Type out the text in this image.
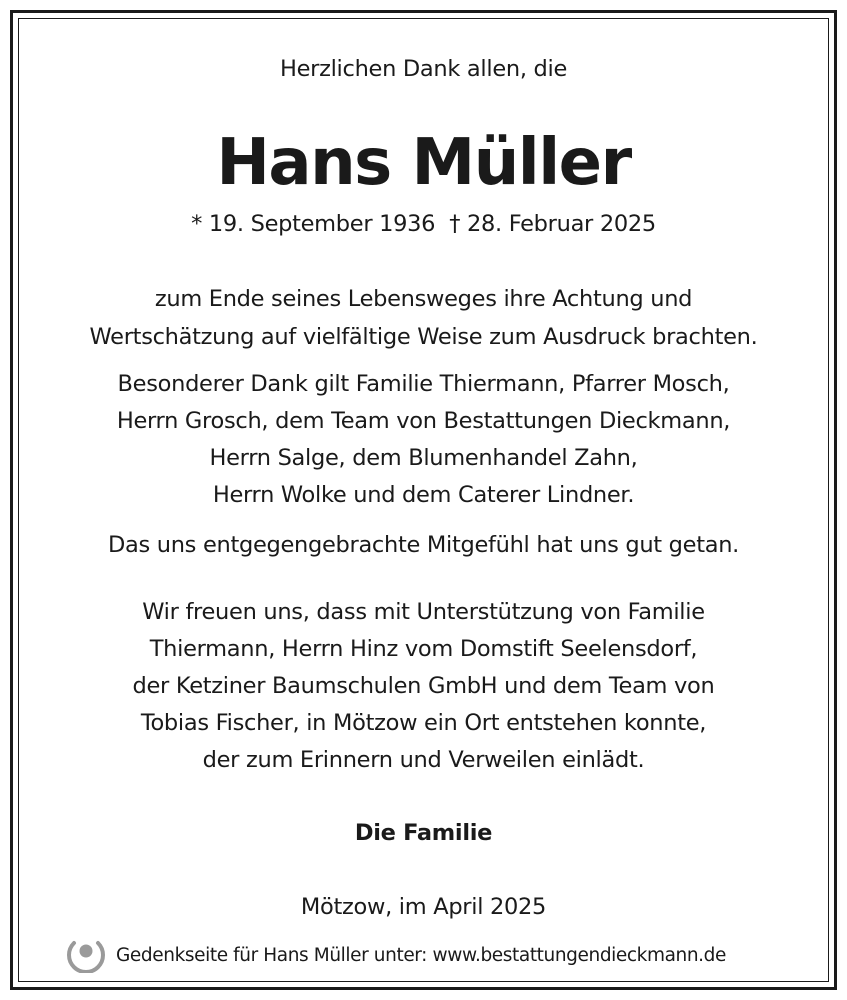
Herzlichen Dank allen, die
Hans Müller
* 19. September 1936 † 28. Februar 2025
zum Ende seines Lebensweges ihre Achtung und
Wertschätzung auf vielfältige Weise zum Ausdruck brachten.
Besonderer Dank gilt Familie Thiermann, Pfarrer Mosch,
Herrn Grosch, dem Team von Bestattungen Dieckmann,
Herrn Salge, dem Blumenhandel Zahn,
Herrn Wolke und dem Caterer Lindner.
Das uns entgegengebrachte Mitgefühl hat uns gut getan.
Wir freuen uns, dass mit Unterstützung von Familie
Thiermann, Herrn Hinz vom Domstift Seelensdorf,
der Ketziner Baumschulen GmbH und dem Team von
Tobias Fischer, in Mötzow ein Ort entstehen konnte,
der zum Erinnern und Verweilen einlädt.
Die Familie
Mötzow, im April 2025
Gedenkseite für Hans Müller unter: www.bestattungendieckmann.de
